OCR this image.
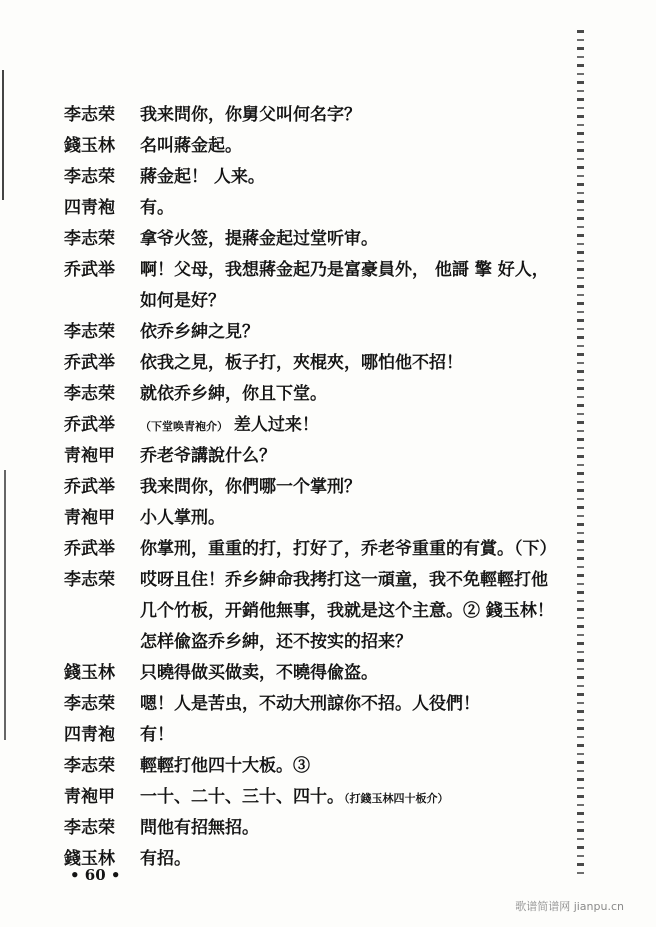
李志荣	我来問你，你舅父叫何名字？
錢玉林	名叫蔣金起。
李志荣	蔣金起！ 人来。
四靑袍	有。
李志荣	拿爷火签，提蔣金起过堂听审。
乔武举	啊！父母，我想蔣金起乃是富豪員外， 他謌 擎 好人，如何是好？
李志荣	依乔乡紳之見？
乔武举	依我之見，板子打，夾棍夾，哪怕他不招！
李志荣	就依乔乡紳，你且下堂。
乔武举	（下堂唤青袍介） 差人过来！
靑袍甲	乔老爷講說什么？
乔武举	我来問你，你們哪一个掌刑？
靑袍甲	小人掌刑。
乔武举	你掌刑，重重的打，打好了，乔老爷重重的有賞。（下）
李志荣	哎呀且住！乔乡紳命我拷打这一頑童，我不免輕輕打他几个竹板，开銷他無事，我就是这个主意。② 錢玉林！ 怎样偸盗乔乡紳，还不按实的招来？
錢玉林	只曉得做买做卖，不曉得偸盗。
李志荣	嗯！人是苦虫，不动大刑諒你不招。人役們！
四靑袍	有！
李志荣	輕輕打他四十大板。③
靑袍甲	一十、二十、三十、四十。（打錢玉林四十板介）
李志荣	問他有招無招。
錢玉林	有招。
• 60 •
歌谱简谱网 jianpu.cn
